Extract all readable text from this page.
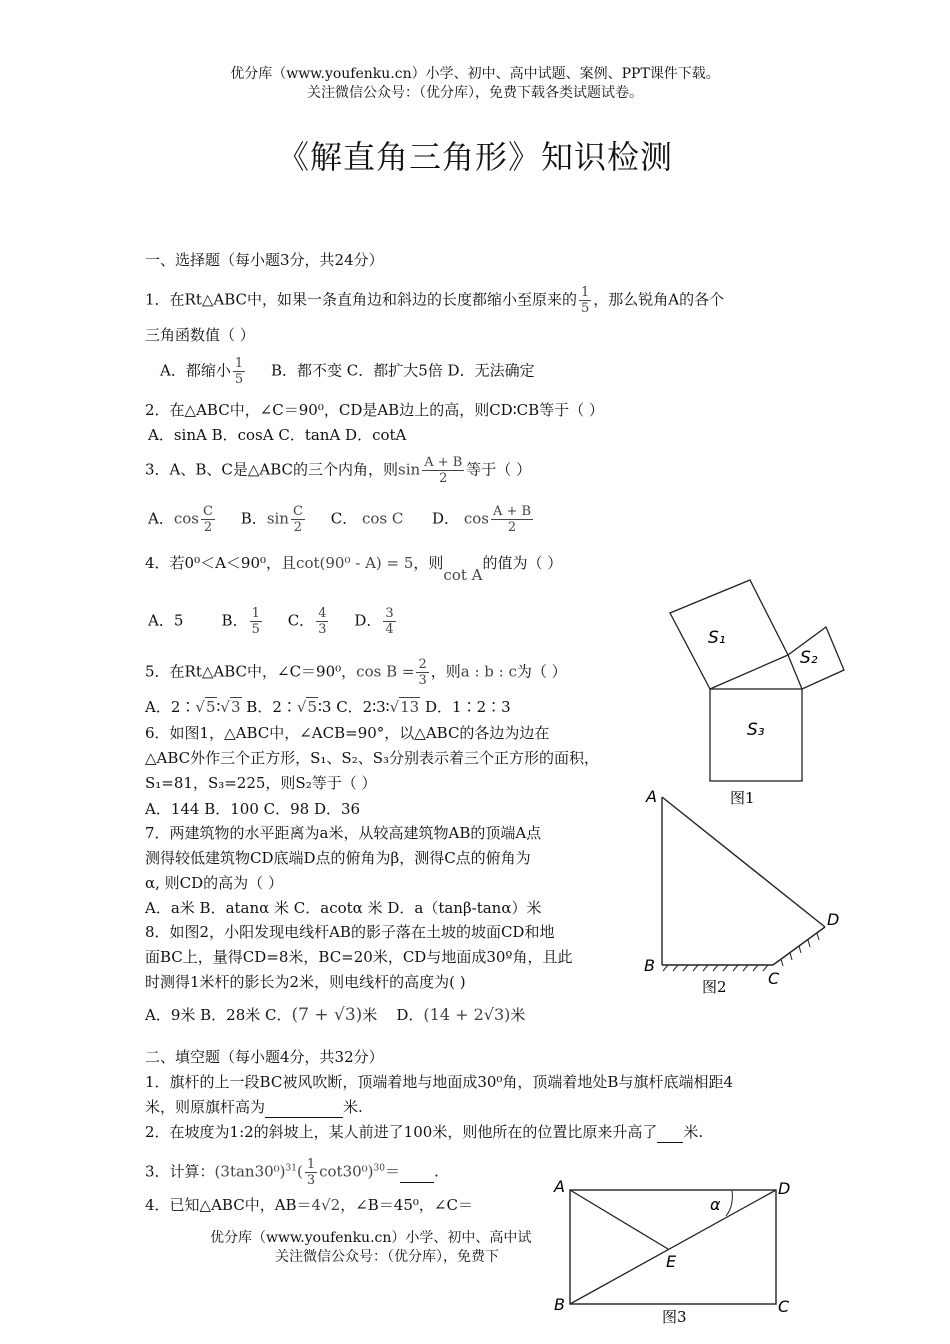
优分库（www.youfenku.cn）小学、初中、高中试题、案例、PPT课件下载。
关注微信公众号：（优分库），免费下载各类试题试卷。
《解直角三角形》知识检测
一、选择题（每小题3分，共24分）
1．在Rt△ABC中，如果一条直角边和斜边的长度都缩小至原来的 $\frac{1}{5}$ ，那么锐角A的各个
三角函数值（ ）
A．都缩小 $\frac{1}{5}$ B．都不变 C．都扩大5倍 D．无法确定
2．在△ABC中，∠C＝90⁰，CD是AB边上的高，则CD∶CB等于（ ）
A．sinA B．cosA C．tanA D．cotA
3．A、B、C是△ABC的三个内角，则$\sin \frac{A + B}{2}$ 等于（ ）
A．$\cos \frac{C}{2}$ B．$\sin \frac{C}{2}$ C． cos C D． $\cos \frac{A + B}{2}$
4．若0⁰＜A＜90⁰，且cot(90⁰ - A) = 5，则cot A的值为（ ）
A．5	B． $\frac{1}{5}$ C． $\frac{4}{3}$ D． $\frac{3}{4}$
5．在Rt△ABC中，∠C＝90⁰，$\cos B = \frac{2}{3}$ ，则a : b : c为（ ）
A．2∶√5∶√3 B．2∶√5∶3 C．2∶3∶√13 D．1∶2∶3
6．如图1，△ABC中，∠ACB=90°，以△ABC的各边为边在
△ABC外作三个正方形，S₁、S₂、S₃分别表示着三个正方形的面积，
S₁=81，S₃=225，则S₂等于（ ）
A．144 B．100 C．98 D．36
7．两建筑物的水平距离为a米，从较高建筑物AB的顶端A点
测得较低建筑物CD底端D点的俯角为β，测得C点的俯角为
α, 则CD的高为（ ）
A．a米 B．atanα 米 C．acotα 米 D．a（tanβ-tanα）米
8．如图2，小阳发现电线杆AB的影子落在土坡的坡面CD和地
面BC上，量得CD=8米，BC=20米，CD与地面成30º角，且此
时测得1米杆的影长为2米，则电线杆的高度为( )
A．9米 B．28米 C．(7 + √3)米 D．(14 + 2√3)米
二、填空题（每小题4分，共32分）
1．旗杆的上一段BC被风吹断，顶端着地与地面成30⁰角，顶端着地处B与旗杆底端相距4
米，则原旗杆高为	米.
2．在坡度为1:2的斜坡上，某人前进了100米，则他所在的位置比原来升高了 米.
3．计算：$(3\tan 30^0)^{31}( \frac{1}{3} \cot 30^0)^{30}=$ .
4．已知△ABC中，AB＝4√2，∠B＝45⁰，∠C＝
优分库（www.youfenku.cn）小学、初中、高中试
关注微信公众号：（优分库），免费下
S₁
S₂
S₃
图1
A
B
C
D
图2
A
B	C
D
E
α
图3
